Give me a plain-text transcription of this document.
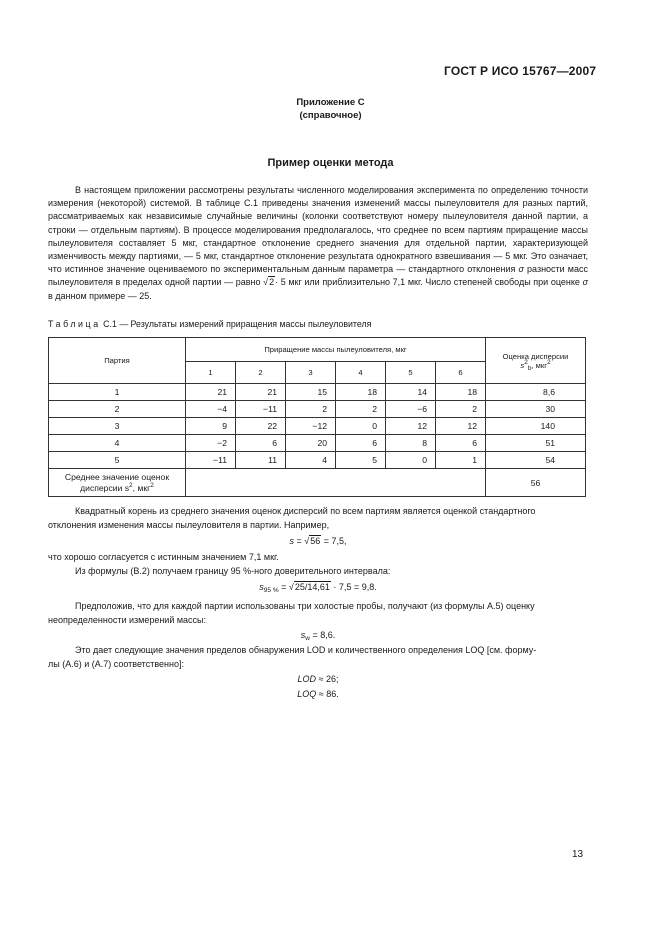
ГОСТ Р ИСО 15767—2007
Приложение С
(справочное)
Пример оценки метода

В настоящем приложении рассмотрены результаты численного моделирования эксперимента по определению точности измерения (некоторой) системой. В таблице С.1 приведены значения изменений массы пылеуловителя для разных партий, рассматриваемых как независимые случайные величины (колонки соответствуют номеру пылеуловителя данной партии, а строки — отдельным партиям). В процессе моделирования предполагалось, что среднее по всем партиям приращение массы пылеуловителя составляет 5 мкг, стандартное отклонение среднего значения для отдельной партии, характеризующей изменчивость между партиями, — 5 мкг, стандартное отклонение результата однократного взвешивания — 5 мкг. Это означает, что истинное значение оцениваемого по экспериментальным данным параметра — стандартного отклонения σ разности масс пылеуловителя в пределах одной партии — равно √2· 5 мкг или приблизительно 7,1 мкг. Число степеней свободы при оценке σ в данном примере — 25.

Таблица С.1 — Результаты измерений приращения массы пылеуловителя
Партия	Приращение массы пылеуловителя, мкг						Оценка дисперсии
$s^2_b$, мкг$^2$

	1	2	3	4	5	6	
1	21	21	15	18	14	18	8,6
2	−4	−11	2	2	−6	2	30
3	9	22	−12	0	12	12	140
4	−2	6	20	6	8	6	51
5	−11	11	4	5	0	1	54

Среднее значение оценок
дисперсии $s^2$, мкг$^2$							56
Квадратный корень из среднего значения оценок дисперсий по всем партиям является оценкой стандартного
отклонения изменения массы пылеуловителя в партии. Например,
s = √56 = 7,5,
что хорошо согласуется с истинным значением 7,1 мкг.
Из формулы (В.2) получаем границу 95 %-ного доверительного интервала:
$s_{95 \%} = √25/14,61 \cdot 7,5 = 9,8$.
Предположив, что для каждой партии использованы три холостые пробы, получают (из формулы А.5) оценку
неопределенности измерений массы:
$s_w = 8,6$.
Это дает следующие значения пределов обнаружения LOD и количественного определения LOQ [см. форму-
лы (А.6) и (А.7) соответственно]:
LOD ≈ 26;
LOQ ≈ 86.
13
